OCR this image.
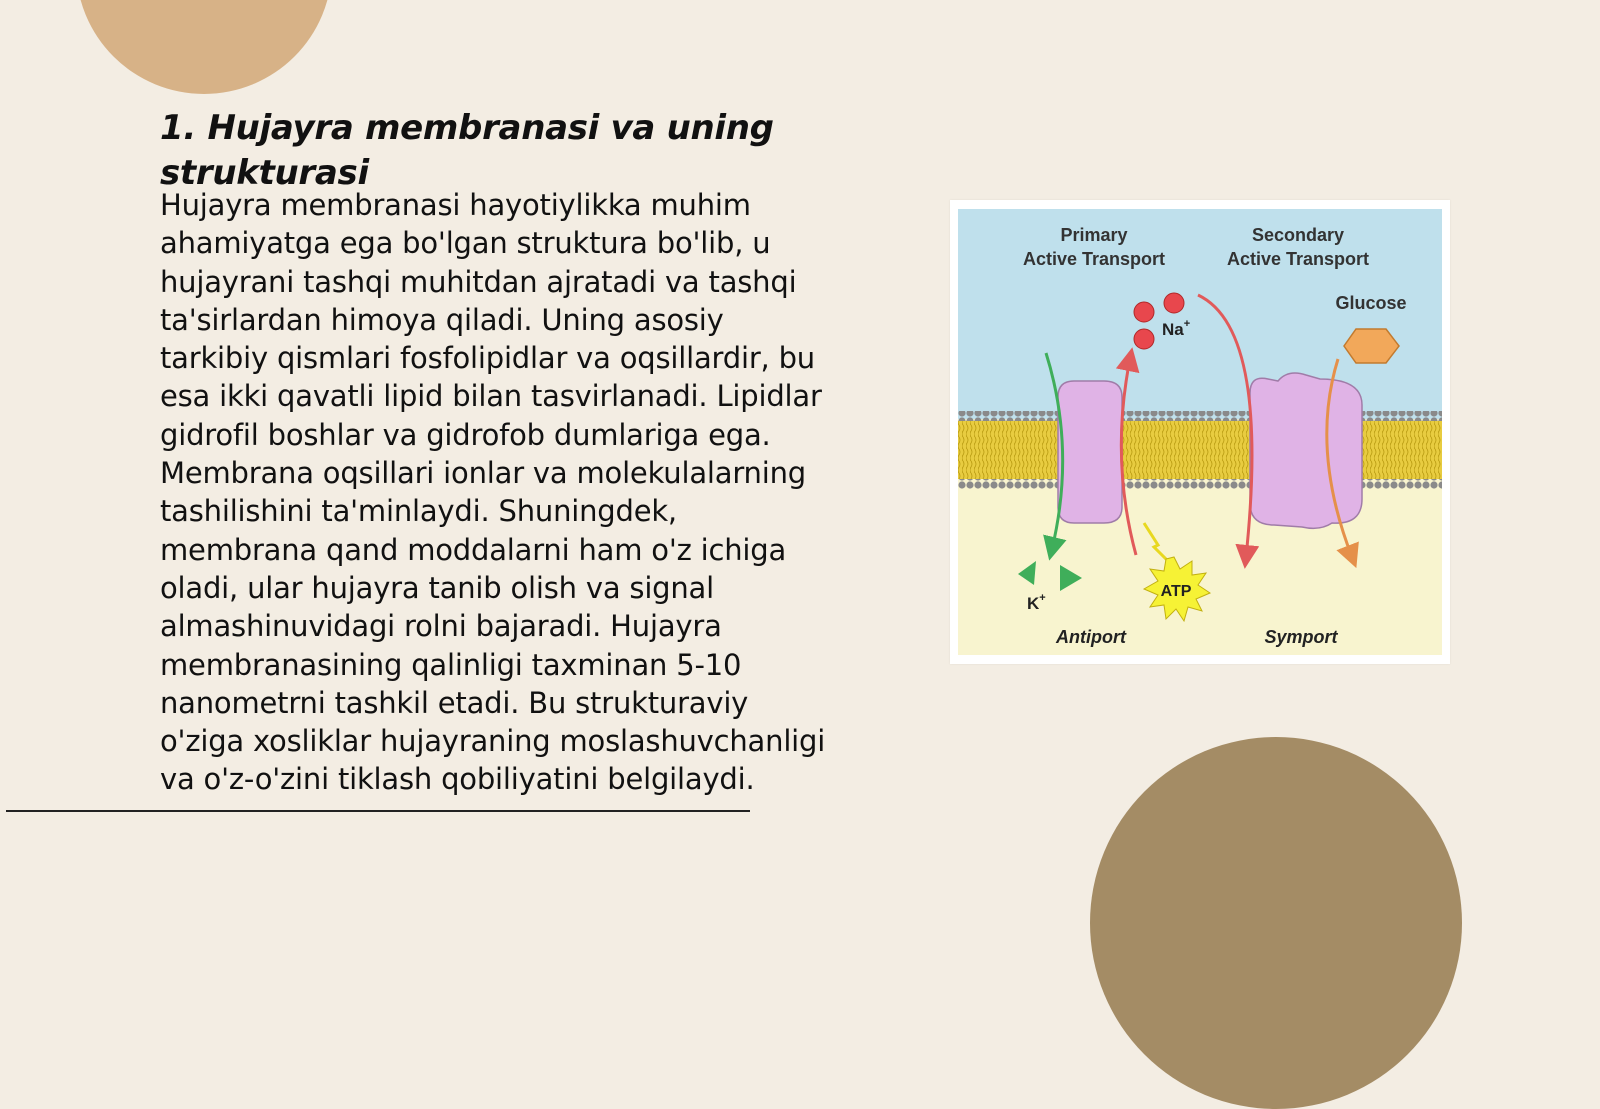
1. Hujayra membranasi va uning strukturasi

Hujayra membranasi hayotiylikka muhim ahamiyatga ega bo'lgan struktura bo'lib, u hujayrani tashqi muhitdan ajratadi va tashqi ta'sirlardan himoya qiladi. Uning asosiy tarkibiy qismlari fosfolipidlar va oqsillardir, bu esa ikki qavatli lipid bilan tasvirlanadi. Lipidlar gidrofil boshlar va gidrofob dumlariga ega. Membrana oqsillari ionlar va molekulalarning tashilishini ta'minlaydi. Shuningdek, membrana qand moddalarni ham o'z ichiga oladi, ular hujayra tanib olish va signal almashinuvidagi rolni bajaradi. Hujayra membranasining qalinligi taxminan 5-10 nanometrni tashkil etadi. Bu strukturaviy o'ziga xosliklar hujayraning moslashuvchanligi va o'z-o'zini tiklash qobiliyatini belgilaydi.

Primary
Active Transport
Secondary
Active Transport
Na+
Glucose
K+	ATP
Antiport	Symport
